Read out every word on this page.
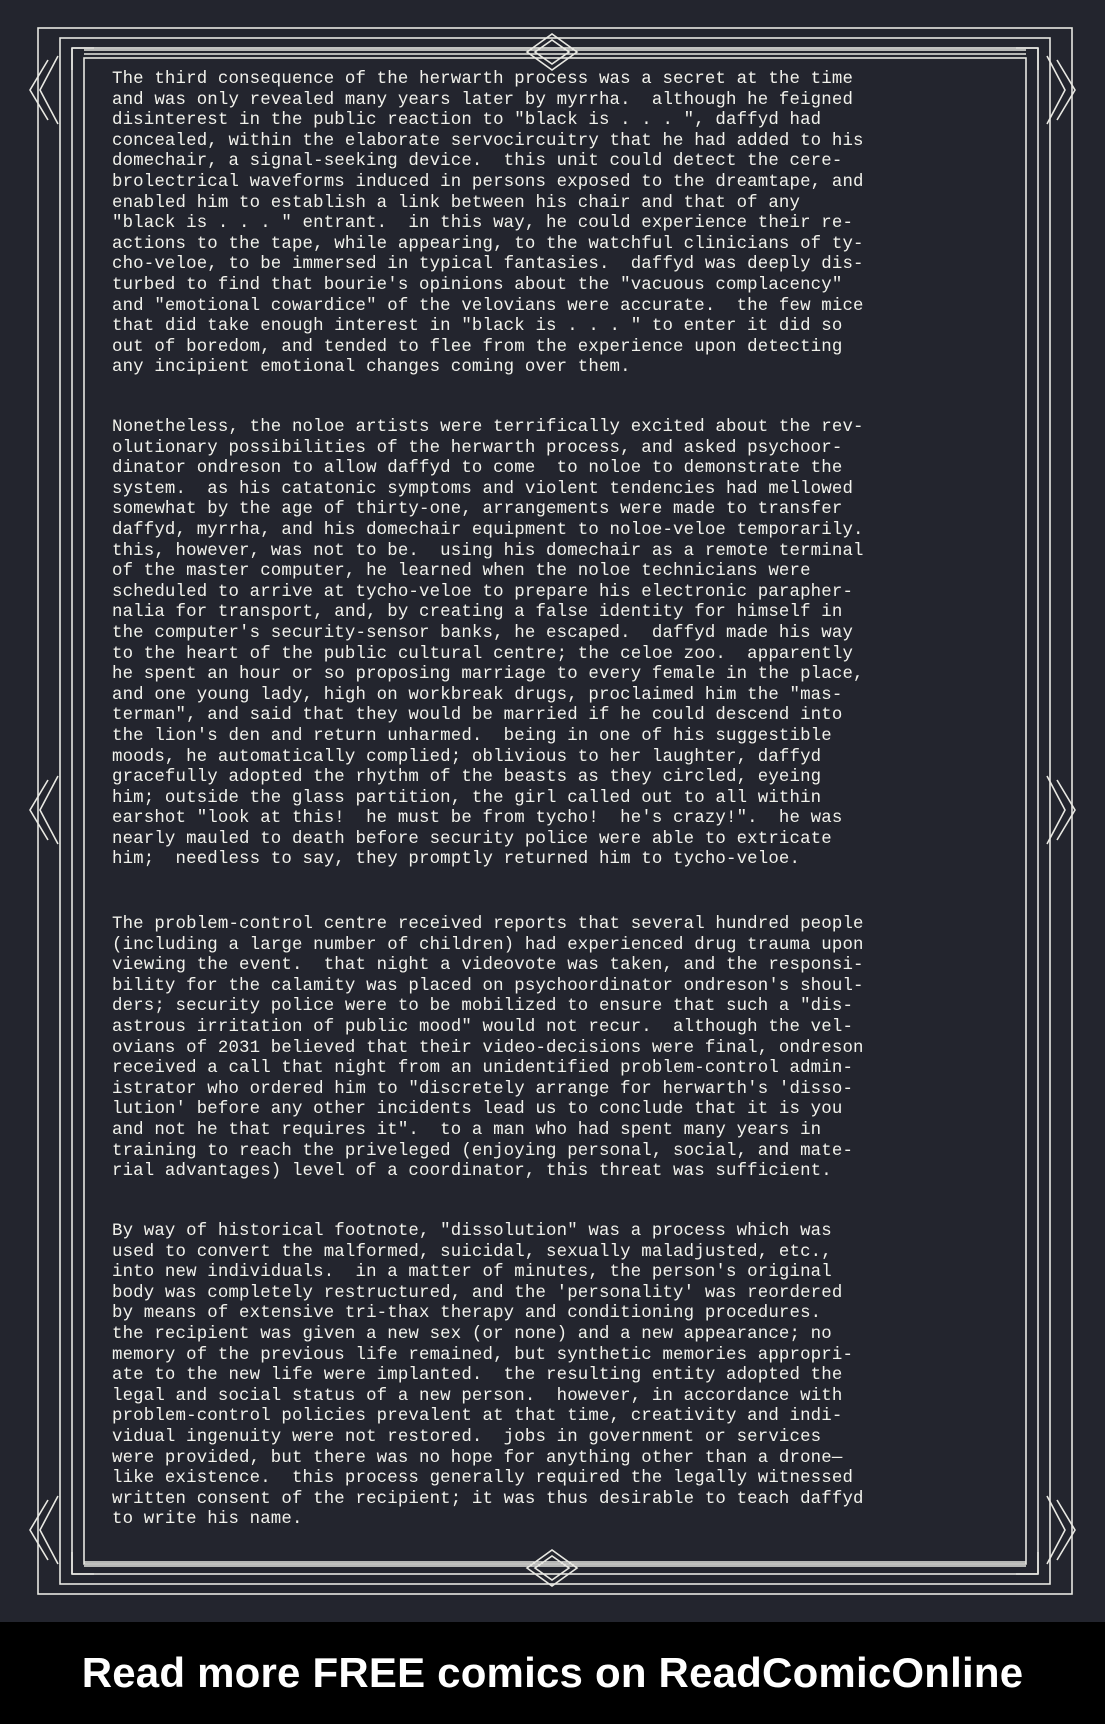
The third consequence of the herwarth process was a secret at the time
and was only revealed many years later by myrrha.  although he feigned
disinterest in the public reaction to "black is . . . ", daffyd had
concealed, within the elaborate servocircuitry that he had added to his
domechair, a signal-seeking device.  this unit could detect the cere-
brolectrical waveforms induced in persons exposed to the dreamtape, and
enabled him to establish a link between his chair and that of any
"black is . . . " entrant.  in this way, he could experience their re-
actions to the tape, while appearing, to the watchful clinicians of ty-
cho-veloe, to be immersed in typical fantasies.  daffyd was deeply dis-
turbed to find that bourie's opinions about the "vacuous complacency"
and "emotional cowardice" of the velovians were accurate.  the few mice
that did take enough interest in "black is . . . " to enter it did so
out of boredom, and tended to flee from the experience upon detecting
any incipient emotional changes coming over them.

Nonetheless, the noloe artists were terrifically excited about the rev-
olutionary possibilities of the herwarth process, and asked psychoor-
dinator ondreson to allow daffyd to come  to noloe to demonstrate the
system.  as his catatonic symptoms and violent tendencies had mellowed
somewhat by the age of thirty-one, arrangements were made to transfer
daffyd, myrrha, and his domechair equipment to noloe-veloe temporarily.
this, however, was not to be.  using his domechair as a remote terminal
of the master computer, he learned when the noloe technicians were
scheduled to arrive at tycho-veloe to prepare his electronic parapher-
nalia for transport, and, by creating a false identity for himself in
the computer's security-sensor banks, he escaped.  daffyd made his way
to the heart of the public cultural centre; the celoe zoo.  apparently
he spent an hour or so proposing marriage to every female in the place,
and one young lady, high on workbreak drugs, proclaimed him the "mas-
terman", and said that they would be married if he could descend into
the lion's den and return unharmed.  being in one of his suggestible
moods, he automatically complied; oblivious to her laughter, daffyd
gracefully adopted the rhythm of the beasts as they circled, eyeing
him; outside the glass partition, the girl called out to all within
earshot "look at this!  he must be from tycho!  he's crazy!".  he was
nearly mauled to death before security police were able to extricate
him;  needless to say, they promptly returned him to tycho-veloe.

The problem-control centre received reports that several hundred people
(including a large number of children) had experienced drug trauma upon
viewing the event.  that night a videovote was taken, and the responsi-
bility for the calamity was placed on psychoordinator ondreson's shoul-
ders; security police were to be mobilized to ensure that such a "dis-
astrous irritation of public mood" would not recur.  although the vel-
ovians of 2031 believed that their video-decisions were final, ondreson
received a call that night from an unidentified problem-control admin-
istrator who ordered him to "discretely arrange for herwarth's 'disso-
lution' before any other incidents lead us to conclude that it is you
and not he that requires it".  to a man who had spent many years in
training to reach the priveleged (enjoying personal, social, and mate-
rial advantages) level of a coordinator, this threat was sufficient.

By way of historical footnote, "dissolution" was a process which was
used to convert the malformed, suicidal, sexually maladjusted, etc.,
into new individuals.  in a matter of minutes, the person's original
body was completely restructured, and the 'personality' was reordered
by means of extensive tri-thax therapy and conditioning procedures.
the recipient was given a new sex (or none) and a new appearance; no
memory of the previous life remained, but synthetic memories appropri-
ate to the new life were implanted.  the resulting entity adopted the
legal and social status of a new person.  however, in accordance with
problem-control policies prevalent at that time, creativity and indi-
vidual ingenuity were not restored.  jobs in government or services
were provided, but there was no hope for anything other than a drone—
like existence.  this process generally required the legally witnessed
written consent of the recipient; it was thus desirable to teach daffyd
to write his name.

Read more FREE comics on ReadComicOnline
